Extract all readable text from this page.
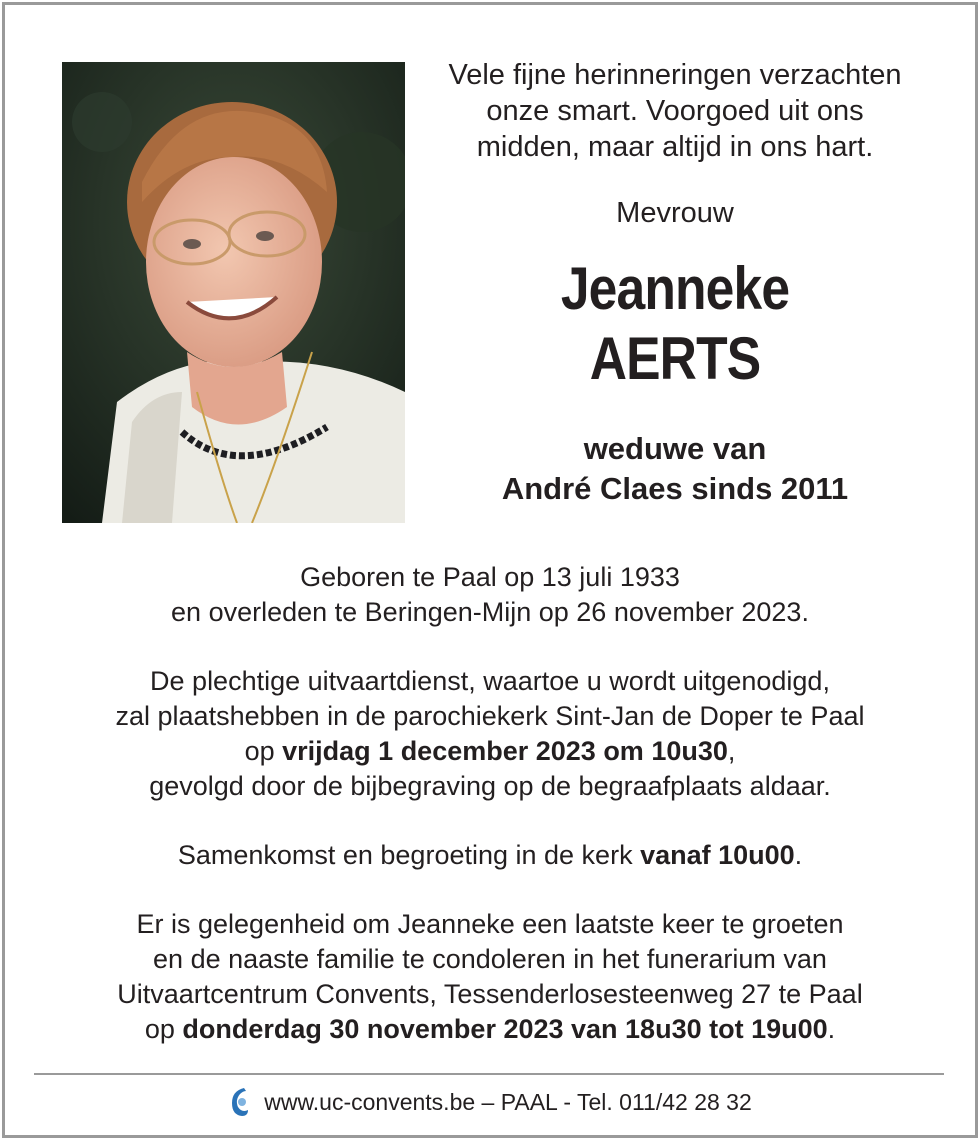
Vele fijne herinneringen verzachten

onze smart. Voorgoed uit ons

midden, maar altijd in ons hart.

Mevrouw
Jeanneke
AERTS
weduwe van
André Claes sinds 2011

Geboren te Paal op 13 juli 1933

en overleden te Beringen-Mijn op 26 november 2023.

De plechtige uitvaartdienst, waartoe u wordt uitgenodigd,

zal plaatshebben in de parochiekerk Sint-Jan de Doper te Paal

op vrijdag 1 december 2023 om 10u30,

gevolgd door de bijbegraving op de begraafplaats aldaar.

Samenkomst en begroeting in de kerk vanaf 10u00.

Er is gelegenheid om Jeanneke een laatste keer te groeten

en de naaste familie te condoleren in het funerarium van

Uitvaartcentrum Convents, Tessenderlosesteenweg 27 te Paal

op donderdag 30 november 2023 van 18u30 tot 19u00.

www.uc-convents.be – PAAL - Tel. 011/42 28 32
